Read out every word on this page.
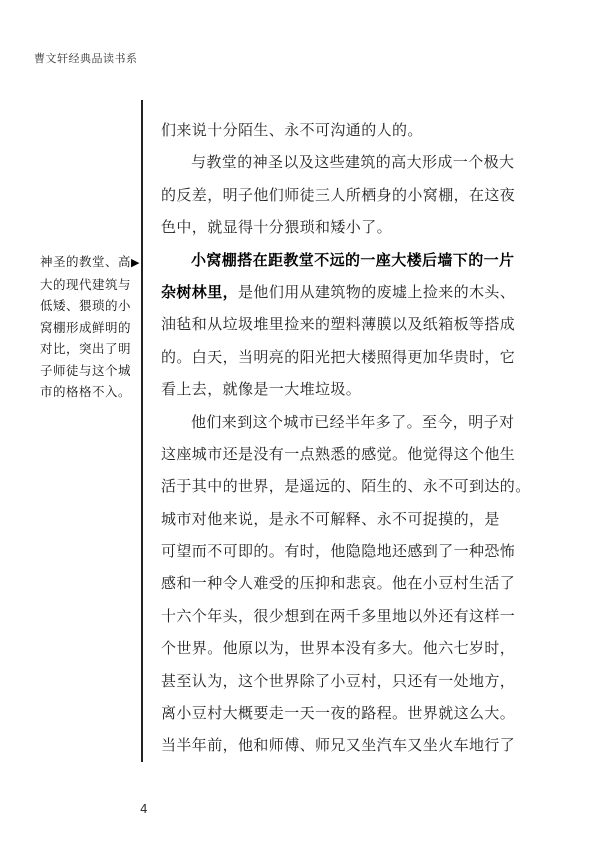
曹文轩经典品读书系
神圣的教堂、高▶
大的现代建筑与
低矮、猥琐的小
窝棚形成鲜明的
对比，突出了明
子师徒与这个城
市的格格不入。
们来说十分陌生、永不可沟通的人的。
与教堂的神圣以及这些建筑的高大形成一个极大
的反差，明子他们师徒三人所栖身的小窝棚，在这夜
色中，就显得十分猥琐和矮小了。
小窝棚搭在距教堂不远的一座大楼后墙下的一片
杂树林里，是他们用从建筑物的废墟上捡来的木头、
油毡和从垃圾堆里捡来的塑料薄膜以及纸箱板等搭成
的。白天，当明亮的阳光把大楼照得更加华贵时，它
看上去，就像是一大堆垃圾。
他们来到这个城市已经半年多了。至今，明子对
这座城市还是没有一点熟悉的感觉。他觉得这个他生
活于其中的世界，是遥远的、陌生的、永不可到达的。
城市对他来说，是永不可解释、永不可捉摸的，是
可望而不可即的。有时，他隐隐地还感到了一种恐怖
感和一种令人难受的压抑和悲哀。他在小豆村生活了
十六个年头，很少想到在两千多里地以外还有这样一
个世界。他原以为，世界本没有多大。他六七岁时，
甚至认为，这个世界除了小豆村，只还有一处地方，
离小豆村大概要走一天一夜的路程。世界就这么大。
当半年前，他和师傅、师兄又坐汽车又坐火车地行了
4
